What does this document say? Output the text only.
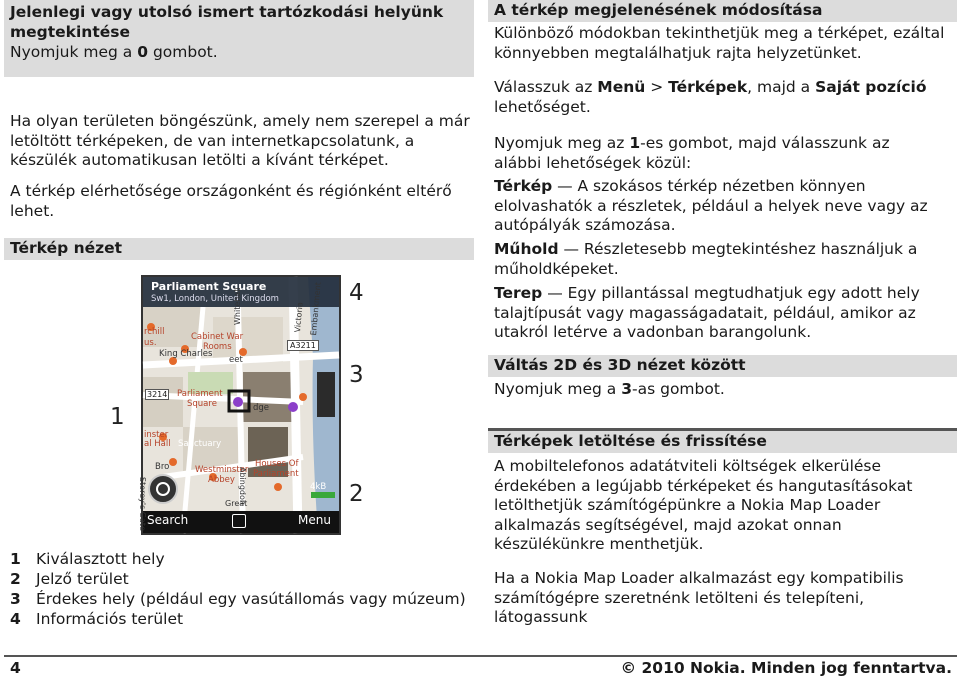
Jelenlegi vagy utolsó ismert tartózkodási helyünk megtekintése

Nyomjuk meg a 0 gombot.

Ha olyan területen böngészünk, amely nem szerepel a már letöltött térképeken, de van internetkapcsolatunk, a készülék automatikusan letölti a kívánt térképet.

A térkép elérhetősége országonként és régiónként eltérő lehet.

Térkép nézet
Parliament Square
Sw1, London, United Kingdom
A3211
3214
rchill
us.
Cabinet War
Rooms
King Charles
eet
Parliament
Square	dge
inster
al Hall Sanctuary
Westminster
Abbey
Houses Of
Parliament
Bro
Victoria Embankment
Whitehall
Storey's Gate	Abingdon
Great
4kB
Search	Menu
1
4
3
2
1 Kiválasztott hely
2 Jelző terület
3 Érdekes hely (például egy vasútállomás vagy múzeum)
4 Információs terület
A térkép megjelenésének módosítása

Különböző módokban tekinthetjük meg a térképet, ezáltal könnyebben megtalálhatjuk rajta helyzetünket.

Válasszuk az Menü > Térképek, majd a Saját pozíció lehetőséget.

Nyomjuk meg az 1-es gombot, majd válasszunk az alábbi lehetőségek közül:

Térkép — A szokásos térkép nézetben könnyen elolvashatók a részletek, például a helyek neve vagy az autópályák számozása.

Műhold — Részletesebb megtekintéshez használjuk a műholdképeket.

Terep — Egy pillantással megtudhatjuk egy adott hely talajtípusát vagy magasságadatait, például, amikor az utakról letérve a vadonban barangolunk.

Váltás 2D és 3D nézet között

Nyomjuk meg a 3-as gombot.

Térképek letöltése és frissítése

A mobiltelefonos adatátviteli költségek elkerülése érdekében a legújabb térképeket és hangutasításokat letölthetjük számítógépünkre a Nokia Map Loader alkalmazás segítségével, majd azokat onnan készülékünkre menthetjük.

Ha a Nokia Map Loader alkalmazást egy kompatibilis számítógépre szeretnénk letölteni és telepíteni, látogassunk

4	© 2010 Nokia. Minden jog fenntartva.
